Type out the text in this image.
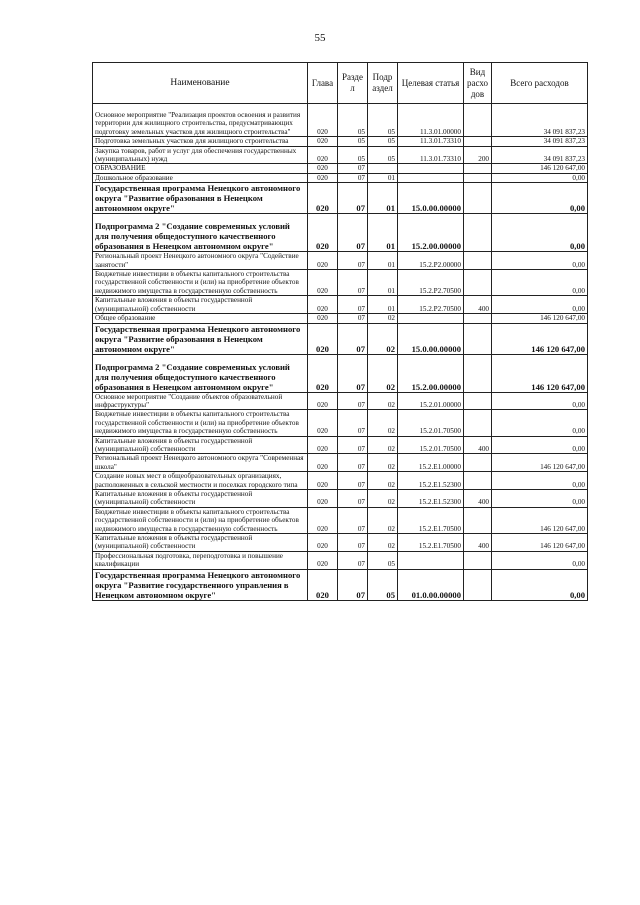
55
Наименование	Глава	Разде л	Подр аздел	Целевая статья	Вид расхо дов	Всего расходов
Основное мероприятие "Реализация проектов освоения и развития территории для жилищного строительства, предусматривающих подготовку земельных участков для жилищного строительства"	020	05	05	11.3.01.00000		34 091 837,23
Подготовка земельных участков для жилищного строительства	020	05	05	11.3.01.73310		34 091 837,23
Закупка товаров, работ и услуг для обеспечения государственных (муниципальных) нужд	020	05	05	11.3.01.73310	200	34 091 837,23
ОБРАЗОВАНИЕ	020	07				146 120 647,00
Дошкольное образование	020	07	01			0,00
Государственная программа Ненецкого автономного округа "Развитие образования в Ненецком автономном округе"	020	07	01	15.0.00.00000		0,00
Подпрограмма 2 "Создание современных условий для получения общедоступного качественного образования в Ненецком автономном округе"	020	07	01	15.2.00.00000		0,00
Региональный проект Ненецкого автономного округа "Содействие занятости"	020	07	01	15.2.P2.00000		0,00
Бюджетные инвестиции в объекты капитального строительства государственной собственности и (или) на приобретение объектов недвижимого имущества в государственную собственность	020	07	01	15.2.P2.70500		0,00
Капитальные вложения в объекты государственной (муниципальной) собственности	020	07	01	15.2.P2.70500	400	0,00
Общее образование	020	07	02			146 120 647,00
Государственная программа Ненецкого автономного округа "Развитие образования в Ненецком автономном округе"	020	07	02	15.0.00.00000		146 120 647,00
Подпрограмма 2 "Создание современных условий для получения общедоступного качественного образования в Ненецком автономном округе"	020	07	02	15.2.00.00000		146 120 647,00
Основное мероприятие "Создание объектов образовательной инфраструктуры"	020	07	02	15.2.01.00000		0,00
Бюджетные инвестиции в объекты капитального строительства государственной собственности и (или) на приобретение объектов недвижимого имущества в государственную собственность	020	07	02	15.2.01.70500		0,00
Капитальные вложения в объекты государственной (муниципальной) собственности	020	07	02	15.2.01.70500	400	0,00
Региональный проект Ненецкого автономного округа "Современная школа"	020	07	02	15.2.E1.00000		146 120 647,00
Создание новых мест в общеобразовательных организациях, расположенных в сельской местности и поселках городского типа	020	07	02	15.2.E1.52300		0,00
Капитальные вложения в объекты государственной (муниципальной) собственности	020	07	02	15.2.E1.52300	400	0,00
Бюджетные инвестиции в объекты капитального строительства государственной собственности и (или) на приобретение объектов недвижимого имущества в государственную собственность	020	07	02	15.2.E1.70500		146 120 647,00
Капитальные вложения в объекты государственной (муниципальной) собственности	020	07	02	15.2.E1.70500	400	146 120 647,00
Профессиональная подготовка, переподготовка и повышение квалификации	020	07	05			0,00
Государственная программа Ненецкого автономного округа "Развитие государственного управления в Ненецком автономном округе"	020	07	05	01.0.00.00000		0,00
